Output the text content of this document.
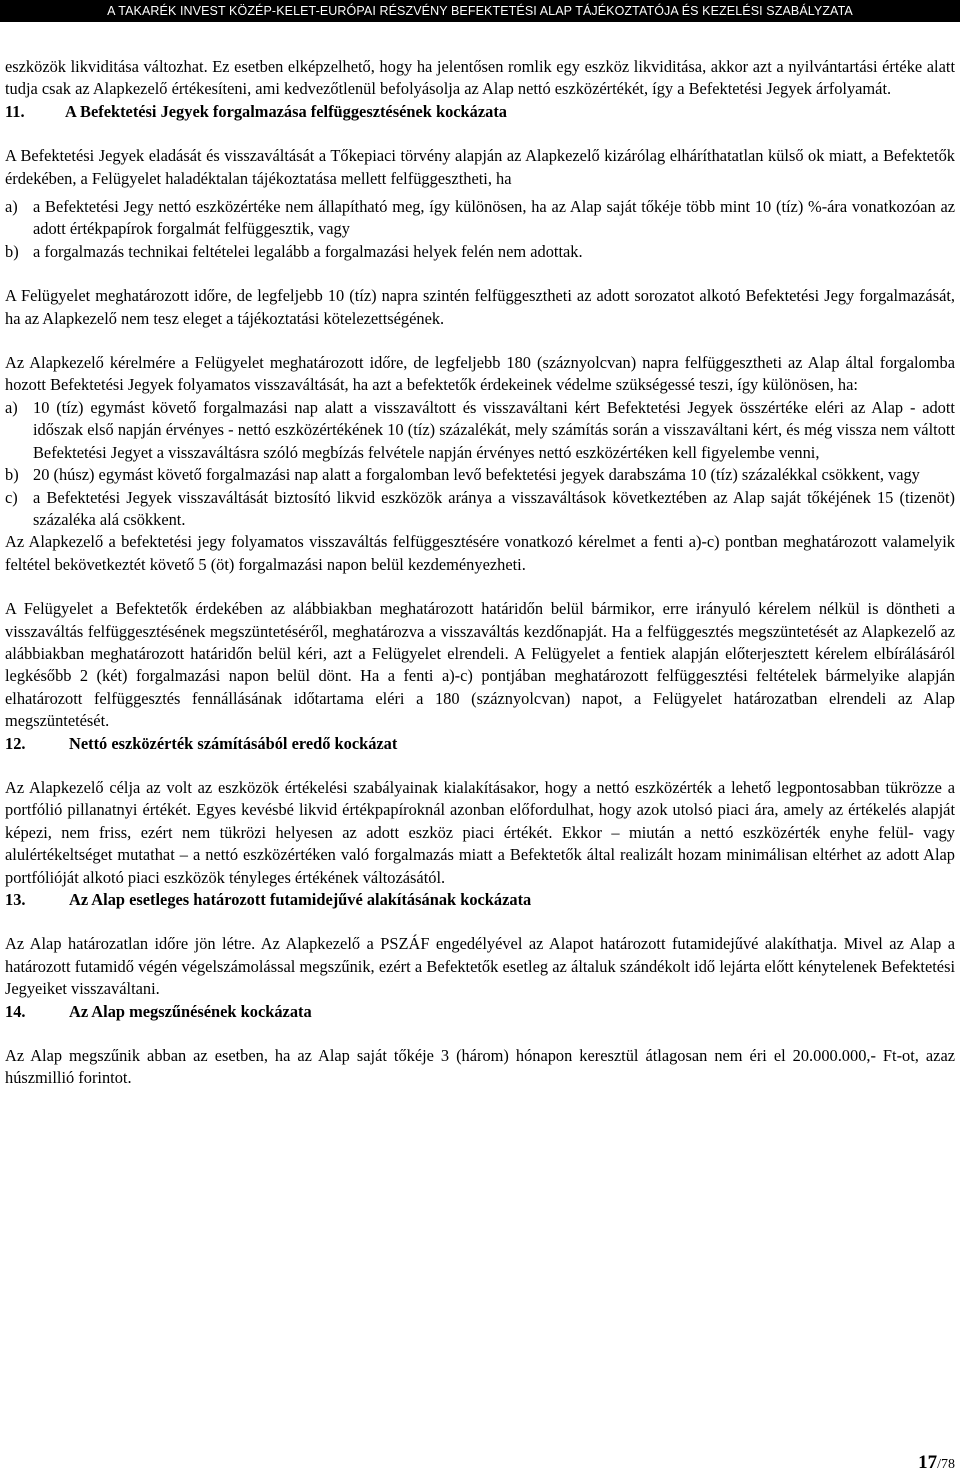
A TAKARÉK INVEST KÖZÉP-KELET-EURÓPAI RÉSZVÉNY BEFEKTETÉSI ALAP TÁJÉKOZTATÓJA ÉS KEZELÉSI SZABÁLYZATA

eszközök likviditása változhat. Ez esetben elképzelhető, hogy ha jelentősen romlik egy eszköz likviditása, akkor azt a nyilvántartási értéke alatt tudja csak az Alapkezelő értékesíteni, ami kedvezőtlenül befolyásolja az Alap nettó eszközértékét, így a Befektetési Jegyek árfolyamát.

11.	A Befektetési Jegyek forgalmazása felfüggesztésének kockázata

A Befektetési Jegyek eladását és visszaváltását a Tőkepiaci törvény alapján az Alapkezelő kizárólag elháríthatatlan külső ok miatt, a Befektetők érdekében, a Felügyelet haladéktalan tájékoztatása mellett felfüggesztheti, ha

a) a Befektetési Jegy nettó eszközértéke nem állapítható meg, így különösen, ha az Alap saját tőkéje több mint 10 (tíz) %-ára vonatkozóan az adott értékpapírok forgalmát felfüggesztik, vagy
b) a forgalmazás technikai feltételei legalább a forgalmazási helyek felén nem adottak.

A Felügyelet meghatározott időre, de legfeljebb 10 (tíz) napra szintén felfüggesztheti az adott sorozatot alkotó Befektetési Jegy forgalmazását, ha az Alapkezelő nem tesz eleget a tájékoztatási kötelezettségének.

Az Alapkezelő kérelmére a Felügyelet meghatározott időre, de legfeljebb 180 (száznyolcvan) napra felfüggesztheti az Alap által forgalomba hozott Befektetési Jegyek folyamatos visszaváltását, ha azt a befektetők érdekeinek védelme szükségessé teszi, így különösen, ha:

a) 10 (tíz) egymást követő forgalmazási nap alatt a visszaváltott és visszaváltani kért Befektetési Jegyek összértéke eléri az Alap - adott időszak első napján érvényes - nettó eszközértékének 10 (tíz) százalékát, mely számítás során a visszaváltani kért, és még vissza nem váltott Befektetési Jegyet a visszaváltásra szóló megbízás felvétele napján érvényes nettó eszközértéken kell figyelembe venni,
b) 20 (húsz) egymást követő forgalmazási nap alatt a forgalomban levő befektetési jegyek darabszáma 10 (tíz) százalékkal csökkent, vagy
c) a Befektetési Jegyek visszaváltását biztosító likvid eszközök aránya a visszaváltások következtében az Alap saját tőkéjének 15 (tizenöt) százaléka alá csökkent.

Az Alapkezelő a befektetési jegy folyamatos visszaváltás felfüggesztésére vonatkozó kérelmet a fenti a)-c) pontban meghatározott valamelyik feltétel bekövetkeztét követő 5 (öt) forgalmazási napon belül kezdeményezheti.

A Felügyelet a Befektetők érdekében az alábbiakban meghatározott határidőn belül bármikor, erre irányuló kérelem nélkül is döntheti a visszaváltás felfüggesztésének megszüntetéséről, meghatározva a visszaváltás kezdőnapját. Ha a felfüggesztés megszüntetését az Alapkezelő az alábbiakban meghatározott határidőn belül kéri, azt a Felügyelet elrendeli. A Felügyelet a fentiek alapján előterjesztett kérelem elbírálásáról legkésőbb 2 (két) forgalmazási napon belül dönt. Ha a fenti a)-c) pontjában meghatározott felfüggesztési feltételek bármelyike alapján elhatározott felfüggesztés fennállásának időtartama eléri a 180 (száznyolcvan) napot, a Felügyelet határozatban elrendeli az Alap megszüntetését.

12.	Nettó eszközérték számításából eredő kockázat

Az Alapkezelő célja az volt az eszközök értékelési szabályainak kialakításakor, hogy a nettó eszközérték a lehető legpontosabban tükrözze a portfólió pillanatnyi értékét. Egyes kevésbé likvid értékpapíroknál azonban előfordulhat, hogy azok utolsó piaci ára, amely az értékelés alapját képezi, nem friss, ezért nem tükrözi helyesen az adott eszköz piaci értékét. Ekkor – miután a nettó eszközérték enyhe felül- vagy alulértékeltséget mutathat – a nettó eszközértéken való forgalmazás miatt a Befektetők által realizált hozam minimálisan eltérhet az adott Alap portfólióját alkotó piaci eszközök tényleges értékének változásától.

13.	Az Alap esetleges határozott futamidejűvé alakításának kockázata

Az Alap határozatlan időre jön létre. Az Alapkezelő a PSZÁF engedélyével az Alapot határozott futamidejűvé alakíthatja. Mivel az Alap a határozott futamidő végén végelszámolással megszűnik, ezért a Befektetők esetleg az általuk szándékolt idő lejárta előtt kénytelenek Befektetési Jegyeiket visszaváltani.

14.	Az Alap megszűnésének kockázata

Az Alap megszűnik abban az esetben, ha az Alap saját tőkéje 3 (három) hónapon keresztül átlagosan nem éri el 20.000.000,- Ft-ot, azaz húszmillió forintot.

17/78
